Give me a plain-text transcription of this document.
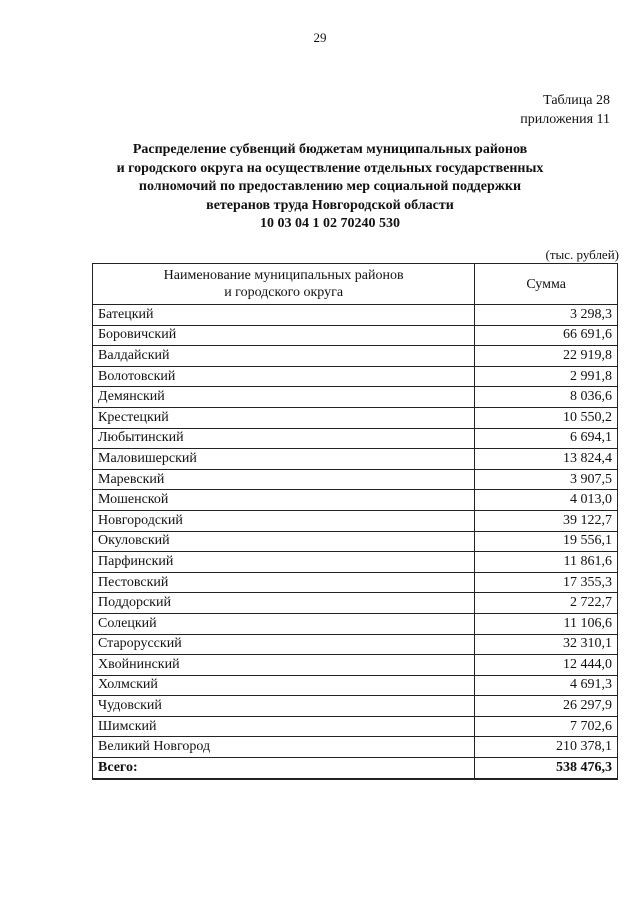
29
Таблица 28
приложения 11
Распределение субвенций бюджетам муниципальных районов
и городского округа на осуществление отдельных государственных
полномочий по предоставлению мер социальной поддержки
ветеранов труда Новгородской области
10 03 04 1 02 70240 530
(тыс. рублей)
Наименование муниципальных районов
и городского округа	Сумма
Батецкий	3 298,3
Боровичский	66 691,6
Валдайский	22 919,8
Волотовский	2 991,8
Демянский	8 036,6
Крестецкий	10 550,2
Любытинский	6 694,1
Маловишерский	13 824,4
Маревский	3 907,5
Мошенской	4 013,0
Новгородский	39 122,7
Окуловский	19 556,1
Парфинский	11 861,6
Пестовский	17 355,3
Поддорский	2 722,7
Солецкий	11 106,6
Старорусский	32 310,1
Хвойнинский	12 444,0
Холмский	4 691,3
Чудовский	26 297,9
Шимский	7 702,6
Великий Новгород	210 378,1
Всего:	538 476,3
